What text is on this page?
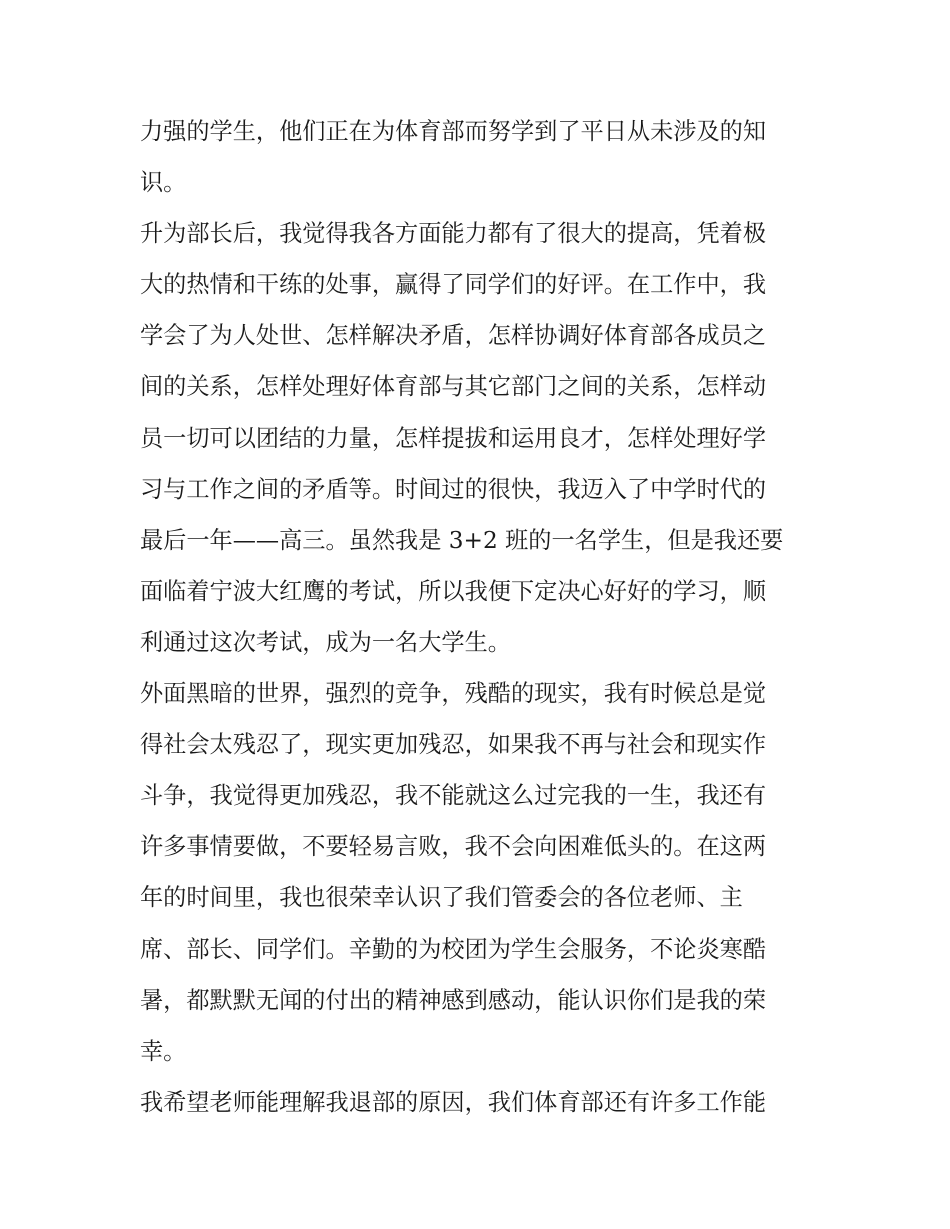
力强的学生，他们正在为体育部而努学到了平日从未涉及的知
识。
升为部长后，我觉得我各方面能力都有了很大的提高，凭着极
大的热情和干练的处事，赢得了同学们的好评。在工作中，我
学会了为人处世、怎样解决矛盾，怎样协调好体育部各成员之
间的关系，怎样处理好体育部与其它部门之间的关系，怎样动
员一切可以团结的力量，怎样提拔和运用良才，怎样处理好学
习与工作之间的矛盾等。时间过的很快，我迈入了中学时代的
最后一年——高三。虽然我是 3+2 班的一名学生，但是我还要
面临着宁波大红鹰的考试，所以我便下定决心好好的学习，顺
利通过这次考试，成为一名大学生。
外面黑暗的世界，强烈的竞争，残酷的现实，我有时候总是觉
得社会太残忍了，现实更加残忍，如果我不再与社会和现实作
斗争，我觉得更加残忍，我不能就这么过完我的一生，我还有
许多事情要做，不要轻易言败，我不会向困难低头的。在这两
年的时间里，我也很荣幸认识了我们管委会的各位老师、主
席、部长、同学们。辛勤的为校团为学生会服务，不论炎寒酷
暑，都默默无闻的付出的精神感到感动，能认识你们是我的荣
幸。
我希望老师能理解我退部的原因，我们体育部还有许多工作能
